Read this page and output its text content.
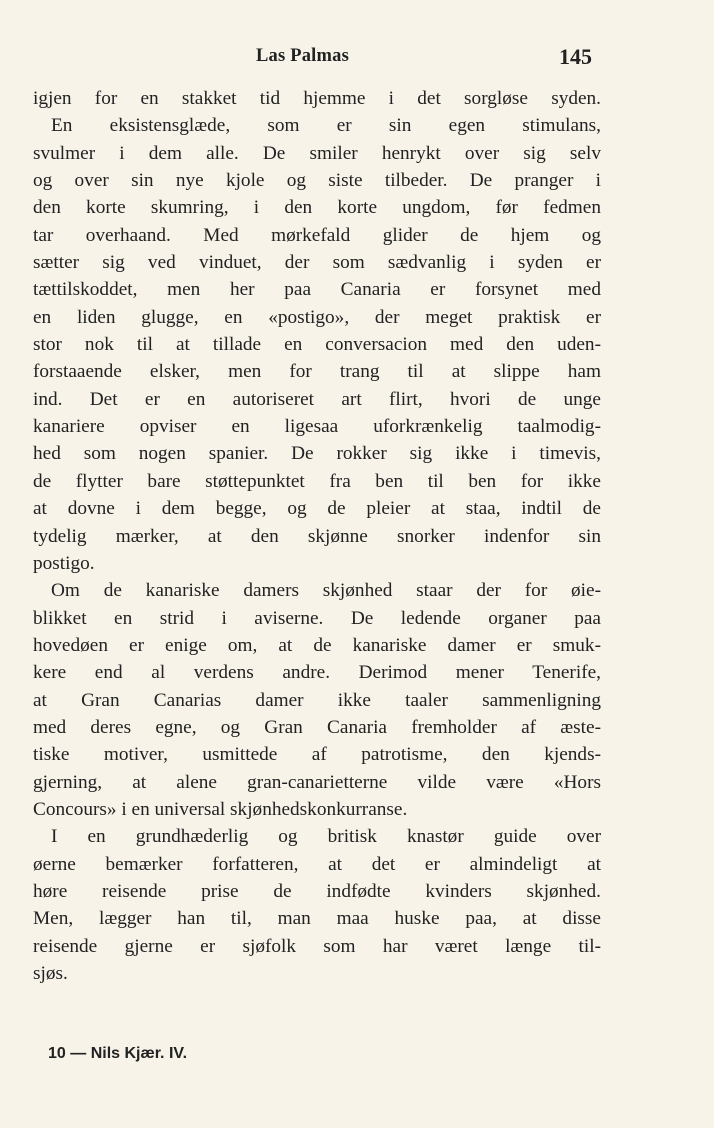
Las Palmas	145
igjen for en stakket tid hjemme i det sorgløse syden.
En eksistensglæde, som er sin egen stimulans,
svulmer i dem alle. De smiler henrykt over sig selv
og over sin nye kjole og siste tilbeder. De pranger i
den korte skumring, i den korte ungdom, før fedmen
tar overhaand. Med mørkefald glider de hjem og
sætter sig ved vinduet, der som sædvanlig i syden er
tættilskoddet, men her paa Canaria er forsynet med
en liden glugge, en «postigo», der meget praktisk er
stor nok til at tillade en conversacion med den uden-
forstaaende elsker, men for trang til at slippe ham
ind. Det er en autoriseret art flirt, hvori de unge
kanariere opviser en ligesaa uforkrænkelig taalmodig-
hed som nogen spanier. De rokker sig ikke i timevis,
de flytter bare støttepunktet fra ben til ben for ikke
at dovne i dem begge, og de pleier at staa, indtil de
tydelig mærker, at den skjønne snorker indenfor sin
postigo.
Om de kanariske damers skjønhed staar der for øie-
blikket en strid i aviserne. De ledende organer paa
hovedøen er enige om, at de kanariske damer er smuk-
kere end al verdens andre. Derimod mener Tenerife,
at Gran Canarias damer ikke taaler sammenligning
med deres egne, og Gran Canaria fremholder af æste-
tiske motiver, usmittede af patrotisme, den kjends-
gjerning, at alene gran-canarietterne vilde være «Hors
Concours» i en universal skjønhedskonkurranse.
I en grundhæderlig og britisk knastør guide over
øerne bemærker forfatteren, at det er almindeligt at
høre reisende prise de indfødte kvinders skjønhed.
Men, lægger han til, man maa huske paa, at disse
reisende gjerne er sjøfolk som har været længe til-
sjøs.
10 — Nils Kjær. IV.
